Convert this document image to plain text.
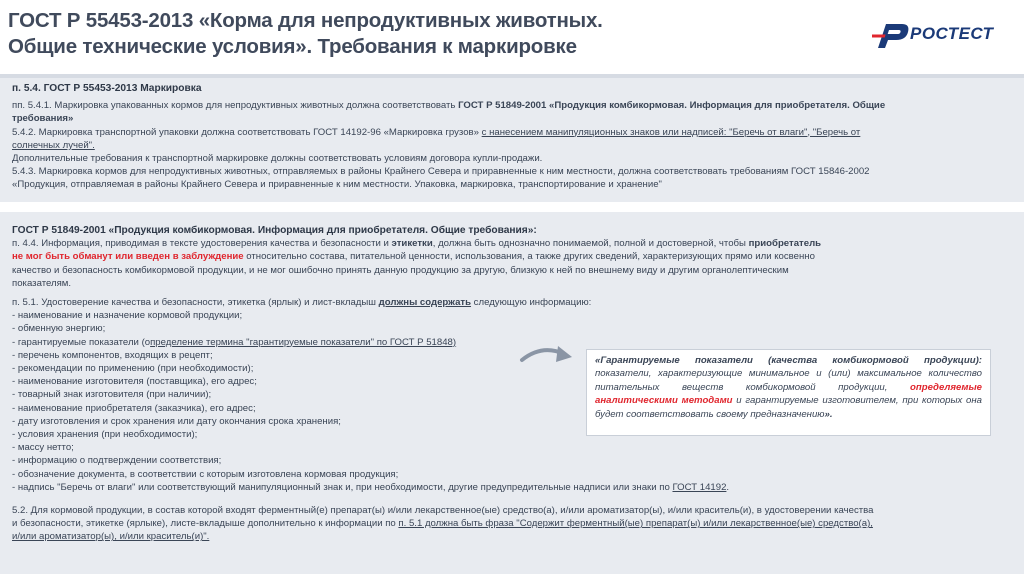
ГОСТ Р 55453-2013 «Корма для непродуктивных животных.
Общие технические условия». Требования к маркировке
РОСТЕСТ
п. 5.4. ГОСТ Р 55453-2013 Маркировка
пп. 5.4.1. Маркировка упакованных кормов для непродуктивных животных должна соответствовать ГОСТ Р 51849-2001 «Продукция комбикормовая. Информация для приобретателя. Общие
требования»
5.4.2. Маркировка транспортной упаковки должна соответствовать ГОСТ 14192-96 «Маркировка грузов» с нанесением манипуляционных знаков или надписей: "Беречь от влаги", "Беречь от
солнечных лучей".
Дополнительные требования к транспортной маркировке должны соответствовать условиям договора купли-продажи.
5.4.3. Маркировка кормов для непродуктивных животных, отправляемых в районы Крайнего Севера и приравненные к ним местности, должна соответствовать требованиям ГОСТ 15846-2002
«Продукция, отправляемая в районы Крайнего Севера и приравненные к ним местности. Упаковка, маркировка, транспортирование и хранение"
ГОСТ Р 51849-2001 «Продукция комбикормовая. Информация для приобретателя. Общие требования»:
п. 4.4. Информация, приводимая в тексте удостоверения качества и безопасности и этикетки, должна быть однозначно понимаемой, полной и достоверной, чтобы приобретатель
не мог быть обманут или введен в заблуждение относительно состава, питательной ценности, использования, а также других сведений, характеризующих прямо или косвенно
качество и безопасность комбикормовой продукции, и не мог ошибочно принять данную продукцию за другую, близкую к ней по внешнему виду и другим органолептическим
показателям.
п. 5.1. Удостоверение качества и безопасности, этикетка (ярлык) и лист-вкладыш должны содержать следующую информацию:
- наименование и назначение кормовой продукции;
- обменную энергию;
- гарантируемые показатели (определение термина "гарантируемые показатели" по ГОСТ Р 51848)
- перечень компонентов, входящих в рецепт;
- рекомендации по применению (при необходимости);
- наименование изготовителя (поставщика), его адрес;
- товарный знак изготовителя (при наличии);
- наименование приобретателя (заказчика), его адрес;
- дату изготовления и срок хранения или дату окончания срока хранения;
- условия хранения (при необходимости);
- массу нетто;
- информацию о подтверждении соответствия;
- обозначение документа, в соответствии с которым изготовлена кормовая продукция;
- надпись "Беречь от влаги" или соответствующий манипуляционный знак и, при необходимости, другие предупредительные надписи или знаки по ГОСТ 14192.
5.2. Для кормовой продукции, в состав которой входят ферментный(е) препарат(ы) и/или лекарственное(ые) средство(а), и/или ароматизатор(ы), и/или краситель(и), в удостоверении качества
и безопасности, этикетке (ярлыке), листе-вкладыше дополнительно к информации по п. 5.1 должна быть фраза "Содержит ферментный(ые) препарат(ы) и/или лекарственное(ые) средство(а),
и/или ароматизатор(ы), и/или краситель(и)".
«Гарантируемые показатели (качества комбикормовой продукции): показатели, характеризующие минимальное и (или) максимальное количество питательных веществ комбикормовой продукции, определяемые аналитическими методами и гарантируемые изготовителем, при которых она будет соответствовать своему предназначению».
